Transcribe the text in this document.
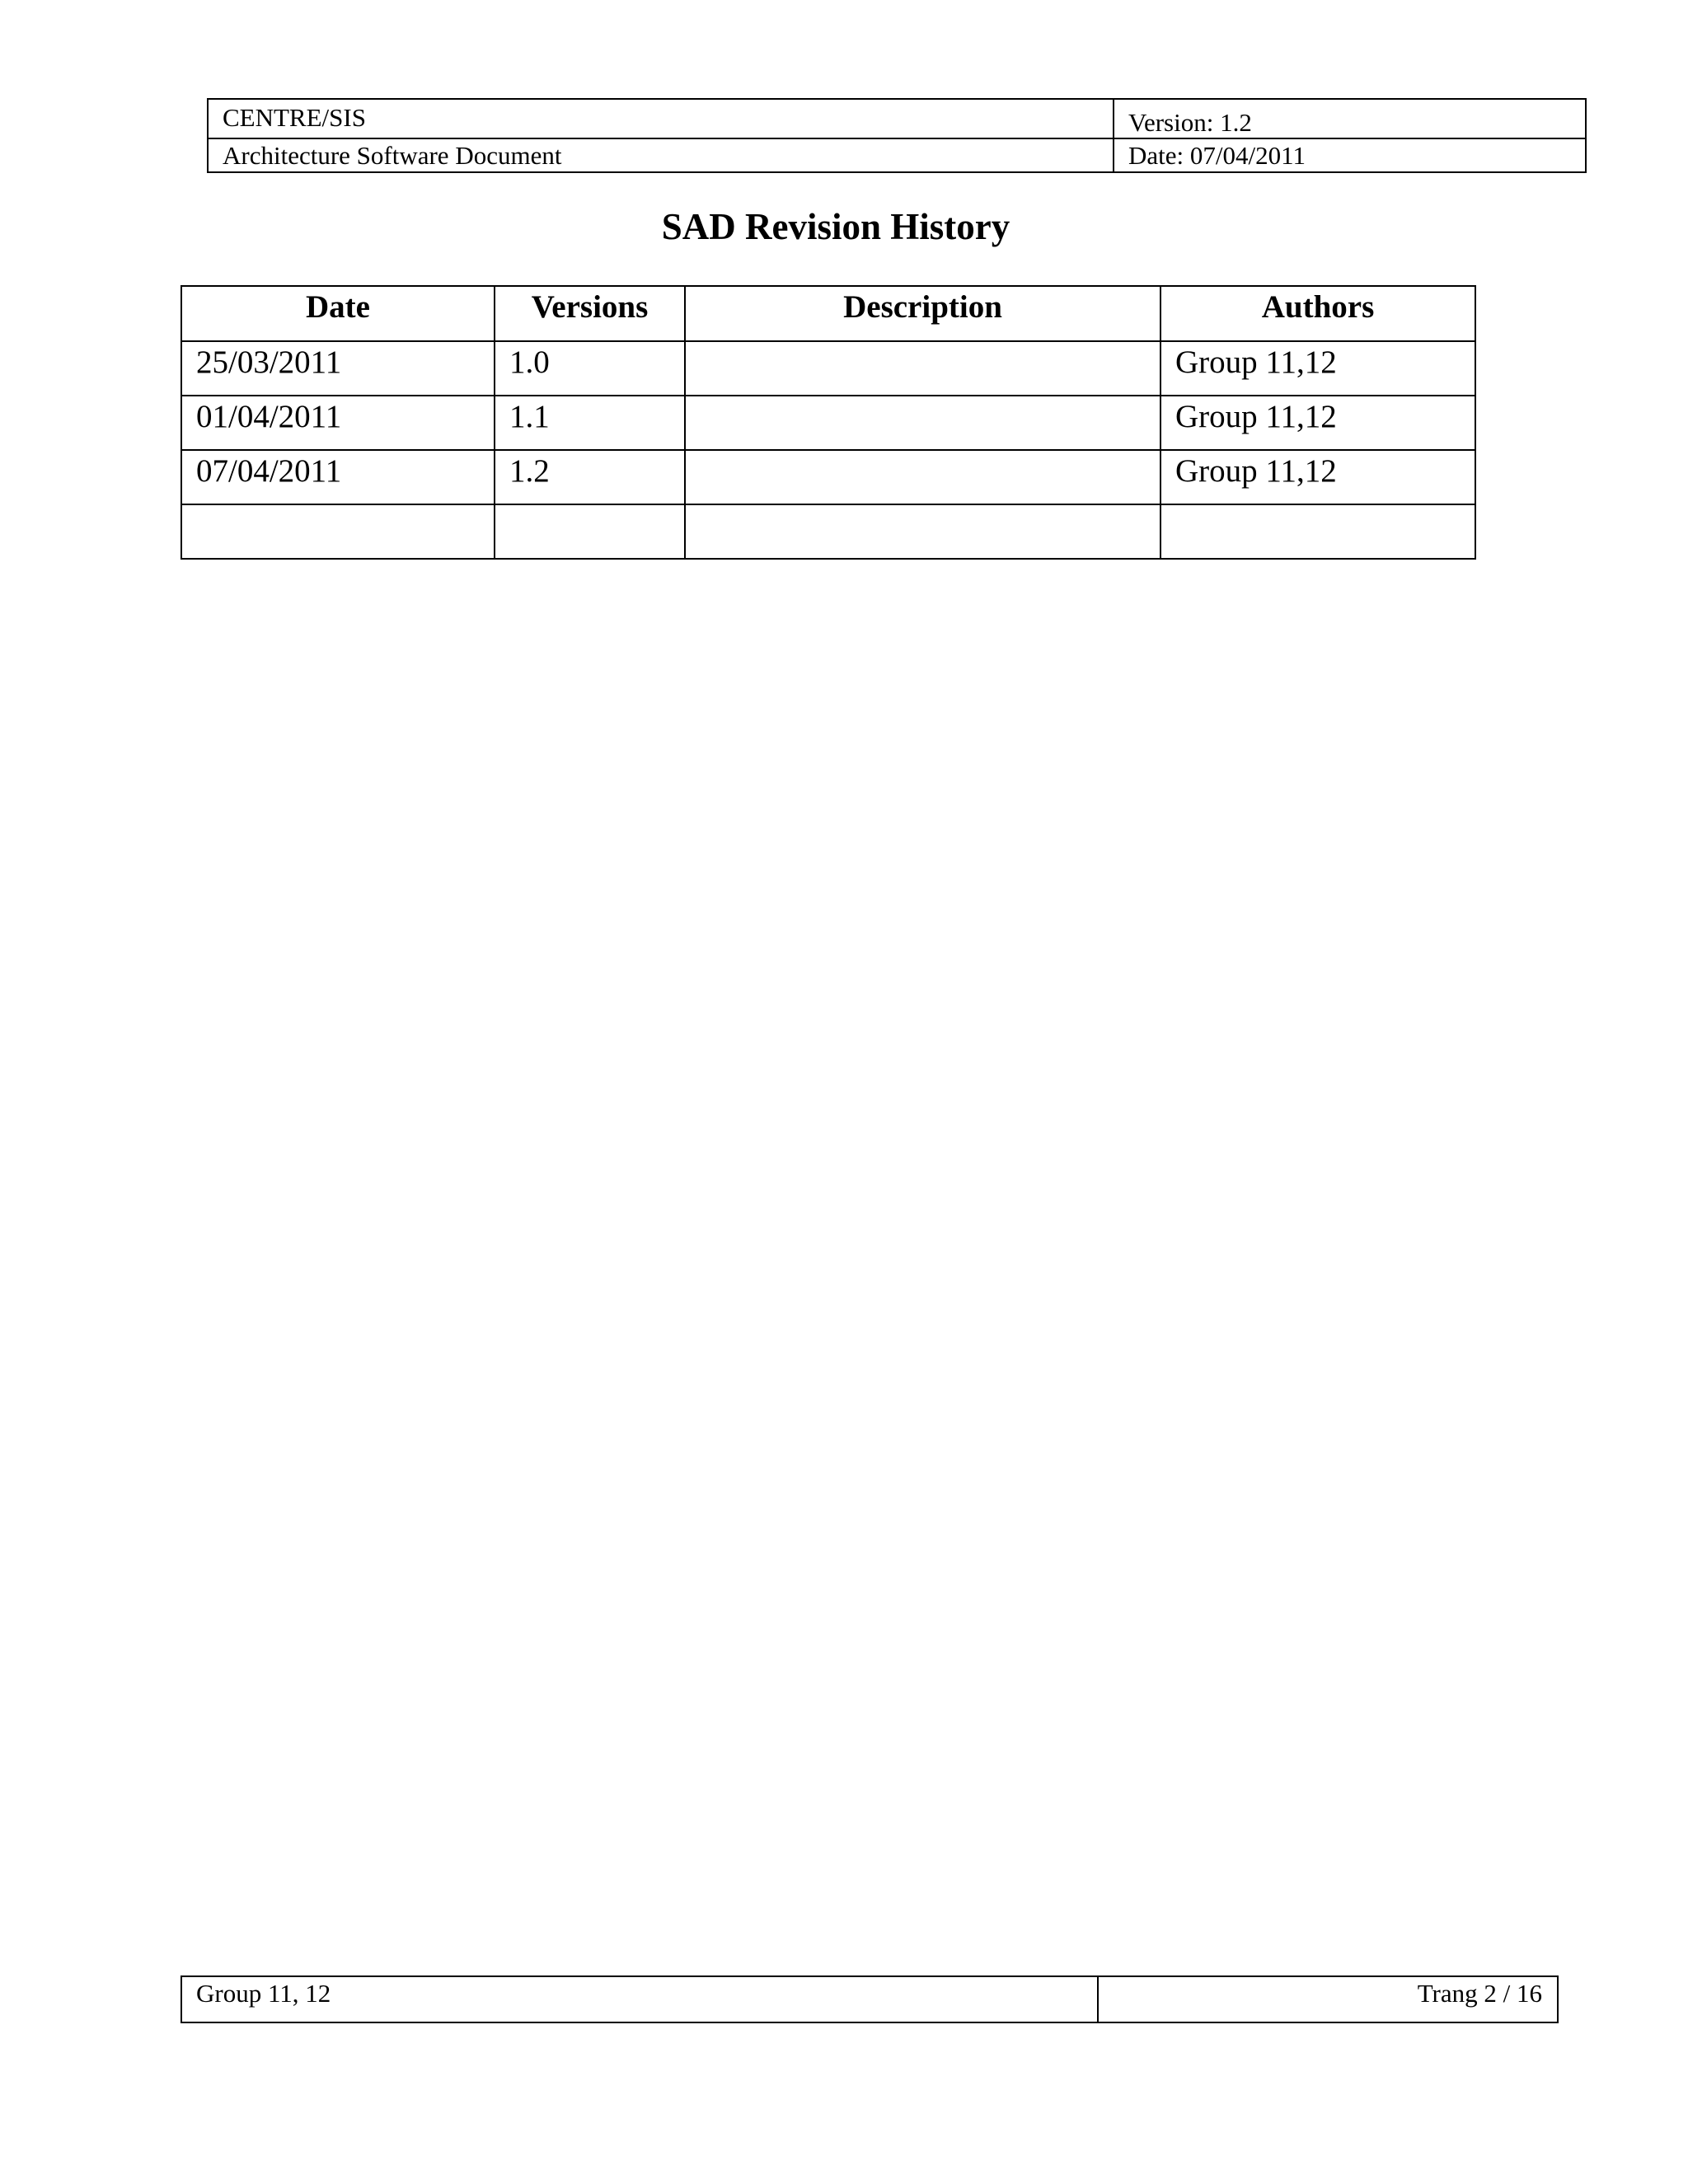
CENTRE/SIS	Version: 1.2
Architecture Software Document	Date: 07/04/2011
SAD Revision History
Date	Versions	Description	Authors
25/03/2011	1.0		Group 11,12
01/04/2011	1.1		Group 11,12
07/04/2011	1.2		Group 11,12

Group 11, 12	Trang 2 / 16
